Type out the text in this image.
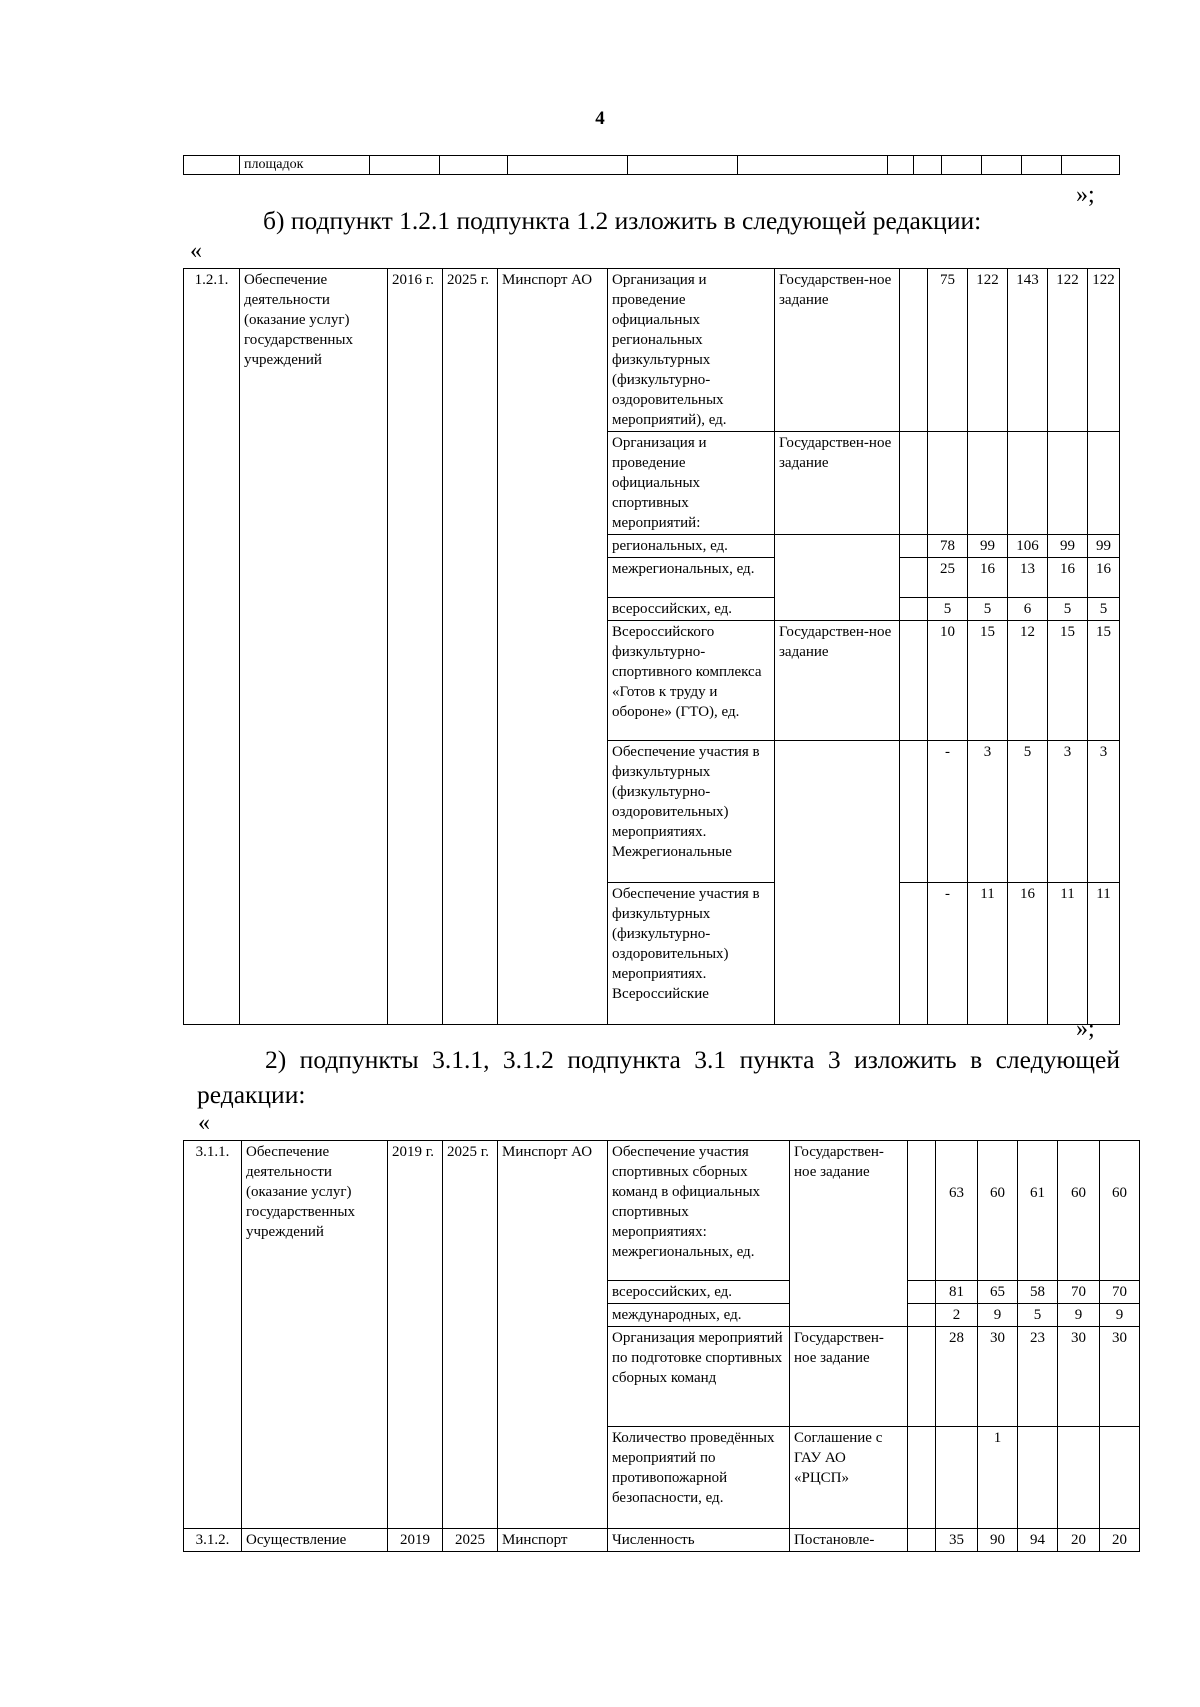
4
	площадок											
»;
б) подпункт 1.2.1 подпункта 1.2 изложить в следующей редакции:
«
1.2.1.	Обеспечение деятельности (оказание услуг) государственных учреждений	2016 г.	2025 г.	Минспорт АО	Организация и проведение официальных региональных физкультурных (физкультурно-оздоровительных мероприятий), ед.	Государствен-ное задание		75	122	143	122	122
					Организация и проведение официальных спортивных мероприятий:	Государствен-ное задание						
					региональных, ед.			78	99	106	99	99
					межрегиональных, ед.			25	16	13	16	16
					всероссийских, ед.			5	5	6	5	5
					Всероссийского физкультурно-спортивного комплекса «Готов к труду и обороне» (ГТО), ед.	Государствен-ное задание		10	15	12	15	15
					Обеспечение участия в физкультурных (физкультурно-оздоровительных) мероприятиях. Межрегиональные			-	3	5	3	3
					Обеспечение участия в физкультурных (физкультурно-оздоровительных) мероприятиях. Всероссийские			-	11	16	11	11
»;
2) подпункты 3.1.1, 3.1.2 подпункта 3.1 пункта 3 изложить в следующей
редакции:
«
3.1.1.	Обеспечение деятельности (оказание услуг) государственных учреждений	2019 г.	2025 г.	Минспорт АО	Обеспечение участия спортивных сборных команд в официальных спортивных мероприятиях: межрегиональных, ед.	Государствен-ное задание		63	60	61	60	60
					всероссийских, ед.			81	65	58	70	70
					международных, ед.			2	9	5	9	9
					Организация мероприятий по подготовке спортивных сборных команд	Государствен-ное задание		28	30	23	30	30
					Количество проведённых мероприятий по противопожарной безопасности, ед.	Соглашение с ГАУ АО «РЦСП»			1			
3.1.2.	Осуществление	2019	2025	Минспорт	Численность	Постановле-		35	90	94	20	20
